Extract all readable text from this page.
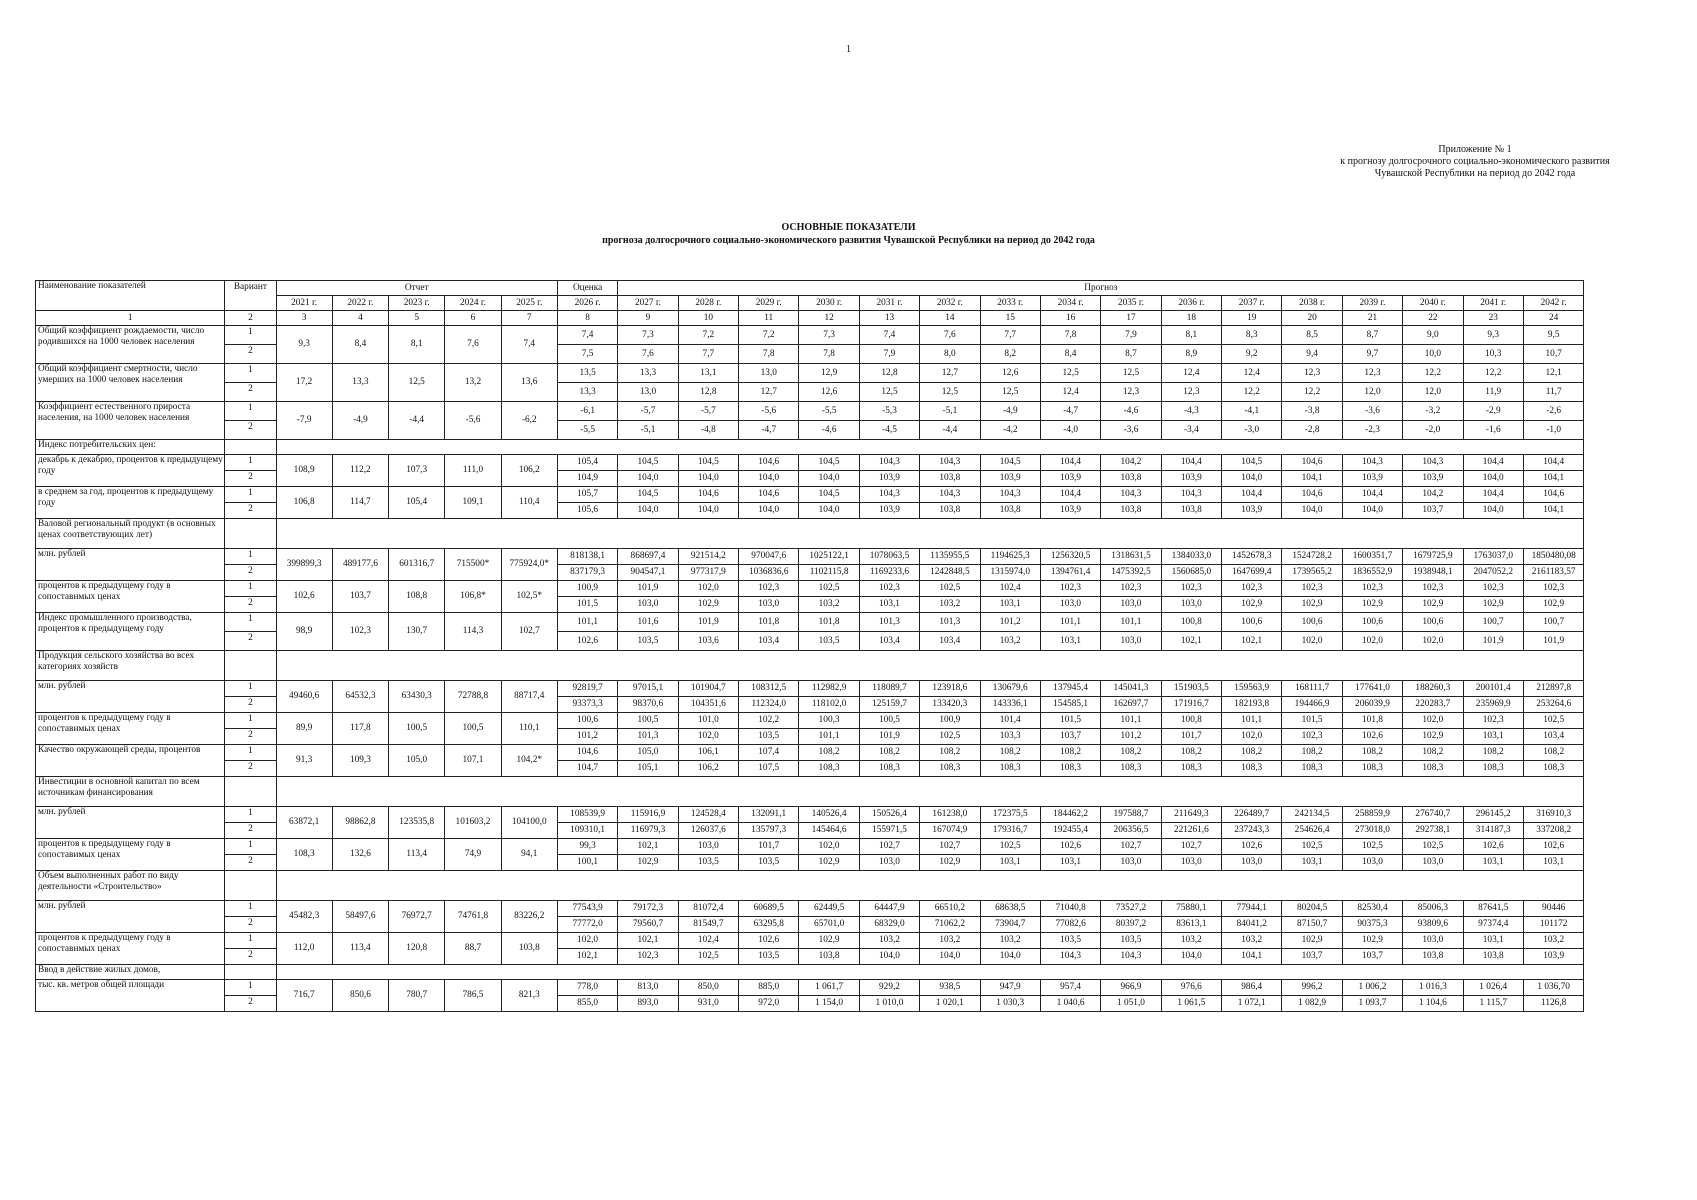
1
Приложение № 1
к прогнозу долгосрочного социально-экономического развития
Чувашской Республики на период до 2042 года
ОСНОВНЫЕ ПОКАЗАТЕЛИ
прогноза долгосрочного социально-экономического развития Чувашской Республики на период до 2042 года
Наименование показателей	Вариант	Отчет					Оценка	Прогноз															
		2021 г.	2022 г.	2023 г.	2024 г.	2025 г.	2026 г.	2027 г.	2028 г.	2029 г.	2030 г.	2031 г.	2032 г.	2033 г.	2034 г.	2035 г.	2036 г.	2037 г.	2038 г.	2039 г.	2040 г.	2041 г.	2042 г.
1	2	3	4	5	6	7	8	9	10	11	12	13	14	15	16	17	18	19	20	21	22	23	24
Общий коэффициент рождаемости, число родившихся на 1000 человек населения	1	9,3	8,4	8,1	7,6	7,4	7,4	7,3	7,2	7,2	7,3	7,4	7,6	7,7	7,8	7,9	8,1	8,3	8,5	8,7	9,0	9,3	9,5
	2						7,5	7,6	7,7	7,8	7,8	7,9	8,0	8,2	8,4	8,7	8,9	9,2	9,4	9,7	10,0	10,3	10,7
Общий коэффициент смертности, число умерших на 1000 человек населения	1	17,2	13,3	12,5	13,2	13,6	13,5	13,3	13,1	13,0	12,9	12,8	12,7	12,6	12,5	12,5	12,4	12,4	12,3	12,3	12,2	12,2	12,1
	2						13,3	13,0	12,8	12,7	12,6	12,5	12,5	12,5	12,4	12,3	12,3	12,2	12,2	12,0	12,0	11,9	11,7
Коэффициент естественного прироста населения, на 1000 человек населения	1	-7,9	-4,9	-4,4	-5,6	-6,2	-6,1	-5,7	-5,7	-5,6	-5,5	-5,3	-5,1	-4,9	-4,7	-4,6	-4,3	-4,1	-3,8	-3,6	-3,2	-2,9	-2,6
	2						-5,5	-5,1	-4,8	-4,7	-4,6	-4,5	-4,4	-4,2	-4,0	-3,6	-3,4	-3,0	-2,8	-2,3	-2,0	-1,6	-1,0
Индекс потребительских цен:																							
декабрь к декабрю, процентов к предыдущему году	1	108,9	112,2	107,3	111,0	106,2	105,4	104,5	104,5	104,6	104,5	104,3	104,3	104,5	104,4	104,2	104,4	104,5	104,6	104,3	104,3	104,4	104,4
	2						104,9	104,0	104,0	104,0	104,0	103,9	103,8	103,9	103,9	103,8	103,9	104,0	104,1	103,9	103,9	104,0	104,1
в среднем за год, процентов к предыдущему году	1	106,8	114,7	105,4	109,1	110,4	105,7	104,5	104,6	104,6	104,5	104,3	104,3	104,3	104,4	104,3	104,3	104,4	104,6	104,4	104,2	104,4	104,6
	2						105,6	104,0	104,0	104,0	104,0	103,9	103,8	103,8	103,9	103,8	103,8	103,9	104,0	104,0	103,7	104,0	104,1
Валовой региональный продукт (в основных ценах соответствующих лет)																							
млн. рублей	1	399899,3	489177,6	601316,7	715500*	775924,0*	818138,1	868697,4	921514,2	970047,6	1025122,1	1078063,5	1135955,5	1194625,3	1256320,5	1318631,5	1384033,0	1452678,3	1524728,2	1600351,7	1679725,9	1763037,0	1850480,08
	2						837179,3	904547,1	977317,9	1036836,6	1102115,8	1169233,6	1242848,5	1315974,0	1394761,4	1475392,5	1560685,0	1647699,4	1739565,2	1836552,9	1938948,1	2047052,2	2161183,57
процентов к предыдущему году в сопоставимых ценах	1	102,6	103,7	108,8	106,8*	102,5*	100,9	101,9	102,0	102,3	102,5	102,3	102,5	102,4	102,3	102,3	102,3	102,3	102,3	102,3	102,3	102,3	102,3
	2						101,5	103,0	102,9	103,0	103,2	103,1	103,2	103,1	103,0	103,0	103,0	102,9	102,9	102,9	102,9	102,9	102,9
Индекс промышленного производства, процентов к предыдущему году	1	98,9	102,3	130,7	114,3	102,7	101,1	101,6	101,9	101,8	101,8	101,3	101,3	101,2	101,1	101,1	100,8	100,6	100,6	100,6	100,6	100,7	100,7
	2						102,6	103,5	103,6	103,4	103,5	103,4	103,4	103,2	103,1	103,0	102,1	102,1	102,0	102,0	102,0	101,9	101,9
Продукция сельского хозяйства во всех категориях хозяйств																							
млн. рублей	1	49460,6	64532,3	63430,3	72788,8	88717,4	92819,7	97015,1	101904,7	108312,5	112982,9	118089,7	123918,6	130679,6	137945,4	145041,3	151903,5	159563,9	168111,7	177641,0	188260,3	200101,4	212897,8
	2						93373,3	98370,6	104351,6	112324,0	118102,0	125159,7	133420,3	143336,1	154585,1	162697,7	171916,7	182193,8	194466,9	206039,9	220283,7	235969,9	253264,6
процентов к предыдущему году в сопоставимых ценах	1	89,9	117,8	100,5	100,5	110,1	100,6	100,5	101,0	102,2	100,3	100,5	100,9	101,4	101,5	101,1	100,8	101,1	101,5	101,8	102,0	102,3	102,5
	2						101,2	101,3	102,0	103,5	101,1	101,9	102,5	103,3	103,7	101,2	101,7	102,0	102,3	102,6	102,9	103,1	103,4
Качество окружающей среды, процентов	1	91,3	109,3	105,0	107,1	104,2*	104,6	105,0	106,1	107,4	108,2	108,2	108,2	108,2	108,2	108,2	108,2	108,2	108,2	108,2	108,2	108,2	108,2
	2						104,7	105,1	106,2	107,5	108,3	108,3	108,3	108,3	108,3	108,3	108,3	108,3	108,3	108,3	108,3	108,3	108,3
Инвестиции в основной капитал по всем источникам финансирования																							
млн. рублей	1	63872,1	98862,8	123535,8	101603,2	104100,0	108539,9	115916,9	124528,4	132091,1	140526,4	150526,4	161238,0	172375,5	184462,2	197588,7	211649,3	226489,7	242134,5	258859,9	276740,7	296145,2	316910,3
	2						109310,1	116979,3	126037,6	135797,3	145464,6	155971,5	167074,9	179316,7	192455,4	206356,5	221261,6	237243,3	254626,4	273018,0	292738,1	314187,3	337208,2
процентов к предыдущему году в сопоставимых ценах	1	108,3	132,6	113,4	74,9	94,1	99,3	102,1	103,0	101,7	102,0	102,7	102,7	102,5	102,6	102,7	102,7	102,6	102,5	102,5	102,5	102,6	102,6
	2						100,1	102,9	103,5	103,5	102,9	103,0	102,9	103,1	103,1	103,0	103,0	103,0	103,1	103,0	103,0	103,1	103,1
Объем выполненных работ по виду деятельности «Строительство»																							
млн. рублей	1	45482,3	58497,6	76972,7	74761,8	83226,2	77543,9	79172,3	81072,4	60689,5	62449,5	64447,9	66510,2	68638,5	71040,8	73527,2	75880,1	77944,1	80204,5	82530,4	85006,3	87641,5	90446
	2						77772,0	79560,7	81549,7	63295,8	65701,0	68329,0	71062,2	73904,7	77082,6	80397,2	83613,1	84041,2	87150,7	90375,3	93809,6	97374,4	101172
процентов к предыдущему году в сопоставимых ценах	1	112,0	113,4	120,8	88,7	103,8	102,0	102,1	102,4	102,6	102,9	103,2	103,2	103,2	103,5	103,5	103,2	103,2	102,9	102,9	103,0	103,1	103,2
	2						102,1	102,3	102,5	103,5	103,8	104,0	104,0	104,0	104,3	104,3	104,0	104,1	103,7	103,7	103,8	103,8	103,9
Ввод в действие жилых домов,																							
тыс. кв. метров общей площади	1	716,7	850,6	780,7	786,5	821,3	778,0	813,0	850,0	885,0	1 061,7	929,2	938,5	947,9	957,4	966,9	976,6	986,4	996,2	1 006,2	1 016,3	1 026,4	1 036,70
	2						855,0	893,0	931,0	972,0	1 154,0	1 010,0	1 020,1	1 030,3	1 040,6	1 051,0	1 061,5	1 072,1	1 082,9	1 093,7	1 104,6	1 115,7	1126,8
